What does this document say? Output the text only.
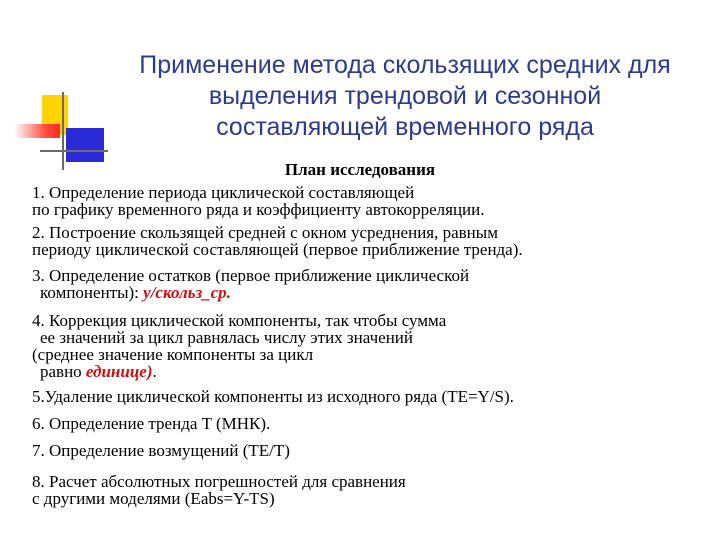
Применение метода скользящих средних для
выделения трендовой и сезонной
составляющей временного ряда
План исследования
1. Определение периода циклической составляющей
по графику временного ряда и коэффициенту автокорреляции.
2. Построение скользящей средней с окном усреднения, равным
периоду циклической составляющей (первое приближение тренда).
3. Определение остатков (первое приближение циклической
компоненты): y/скольз_ср.
4. Коррекция циклической компоненты, так чтобы сумма
ее значений за цикл равнялась числу этих значений
(среднее значение компоненты за цикл
равно единице).
5.Удаление циклической компоненты из исходного ряда (TE=Y/S).
6. Определение тренда T (МНК).
7. Определение возмущений (TE/T)
8. Расчет абсолютных погрешностей для сравнения
с другими моделями (Eabs=Y-TS)
